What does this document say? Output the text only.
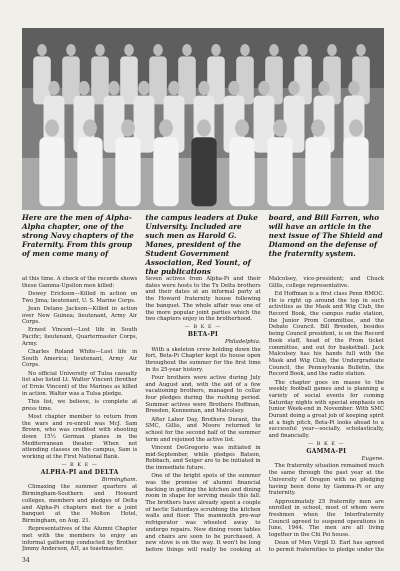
Here are the men of Alpha-Alpha chapter, one of the strong Navy chapters of the Fraternity. From this group of men come many of

the campus leaders at Duke University. Included are such men as Harold G. Manes, president of the Student Government Association, Red Yount, of the publications

board, and Bill Farren, who will have an article in the next issue of The Shield and Diamond on the defense of the fraternity system.

at this time. A check of the records shows these Gamma-Upsilon men killed:

Dewey Erickson—Killed in action on Two Jima; lieutenant, U. S. Marine Corps.

Jean Delano Jackson—Killed in action over New Guinea; lieutenant, Army Air Corps.

Ernest Vincent—Lost life in South Pacific; lieutenant, Quartermaster Corps, Army.

Charles Roland White—Lost life in South America; lieutenant, Army Air Corps.

No official University of Tulsa casualty list also listed Lt. Walter Vincent (brother of Ernie Vincent) of the Marines as killed in action. Walter was a Tulsa pledge.

This list, we believe, is complete at press time.

Most chapter member to return from the wars and re-enroll was McJ. Sam Brown, who was credited with shooting down 15½ German planes in the Mediterranean theater. When not attending classes on the campus, Sam is working at the First National Bank.

— B K E —
ALPHA-PI and DELTA
Birmingham.

Climaxing the summer quarters at Birmingham-Southern and Howard colleges, members and pledges of Delta and Alpha-Pi chapters met for a joint banquet at the Molton Hotel, Birmingham, on Aug. 21.

Representatives of the Alumni Chapter met with the members to enjoy an informal gathering conducted by Brother Jimmy Anderson, AΠ, as toastmaster.

Seven actives from Alpha-Pi and their dates were hosts to the Tx Delta brothers and their dates at an informal party at the Howard fraternity house following the banquet. The whole affair was one of the more popular joint parties which the two chapters enjoy in the brotherhood.

— B K E —
BETA-PI
Philadelphia.

With a skeleton crew holding down the fort, Beta-Pi Chapter kept its house open throughout the summer for the first time in its 25-year history.

Four brothers were active during July and August and, with the aid of a few vacationing brothers, managed to collar four pledges during the rushing period. Summer actives were Brothers Hoffman, Breeden, Kenneman, and Malcolsey.

After Labor Day, Brothers Durant, the SMC, Gillis, and Moore returned to school for the second half of the summer term and rejoined the active list.

Vincent DeGregorio was initiated in mid-September, while pledges Batson, Robbach, and Seiger are to be initiated in the immediate future.

One of the bright spots of the summer was the promise of alumni financial backing in getting the kitchen and dining room in shape for serving meals this fall. The brothers have already spent a couple of hectic Saturdays scrubbing the kitchen walls and floor. The mammoth pre-war refrigerator was wheeled away to undergo repairs. New dining room tables and chairs are soon to be purchased. A new stove is on the way. It won't be long before things will really be cooking at

Malcolsey, vice-president; and Chuck Gillis, college representative.

Ed Hoffman is a first class Penn RMOC. He is right up around the top in such activities as the Mask and Wig Club, the Record Book, the campus radio station, the Junior Prom Committee, and the Debate Council. Bill Breeden, besides being Council president, is on the Record Book staff, head of the Prom ticket committee, and out for basketball. Jack Malcolsey has his hands full with the Mask and Wig Club, the Undergraduate Council, the Pennsylvania Bulletin, the Record Book, and the radio station.

The chapter goes en masse to the weekly football games and is planning a variety of social events for coming Saturday nights with special emphasis on Junior Week-end in November. With SMC Durant doing a great job of keeping spirit at a high pitch, Beta-Pi looks ahead to a successful year—socially, scholastically, and financially.

— B K E —
GAMMA-PI
Eugene.

The fraternity situation remained much the same through the past year at the University of Oregon with no pledging having been done by Gamma-Pi or any fraternity.

Approximately 25 fraternity men are enrolled in school, most of whom were freshmen when the Interfraternity Council agreed to suspend operations in June, 1944. The men are all living together in the Chi Psi house.

Dean of Men Virgil D. Earl has agreed to permit fraternities to pledge under the

34
